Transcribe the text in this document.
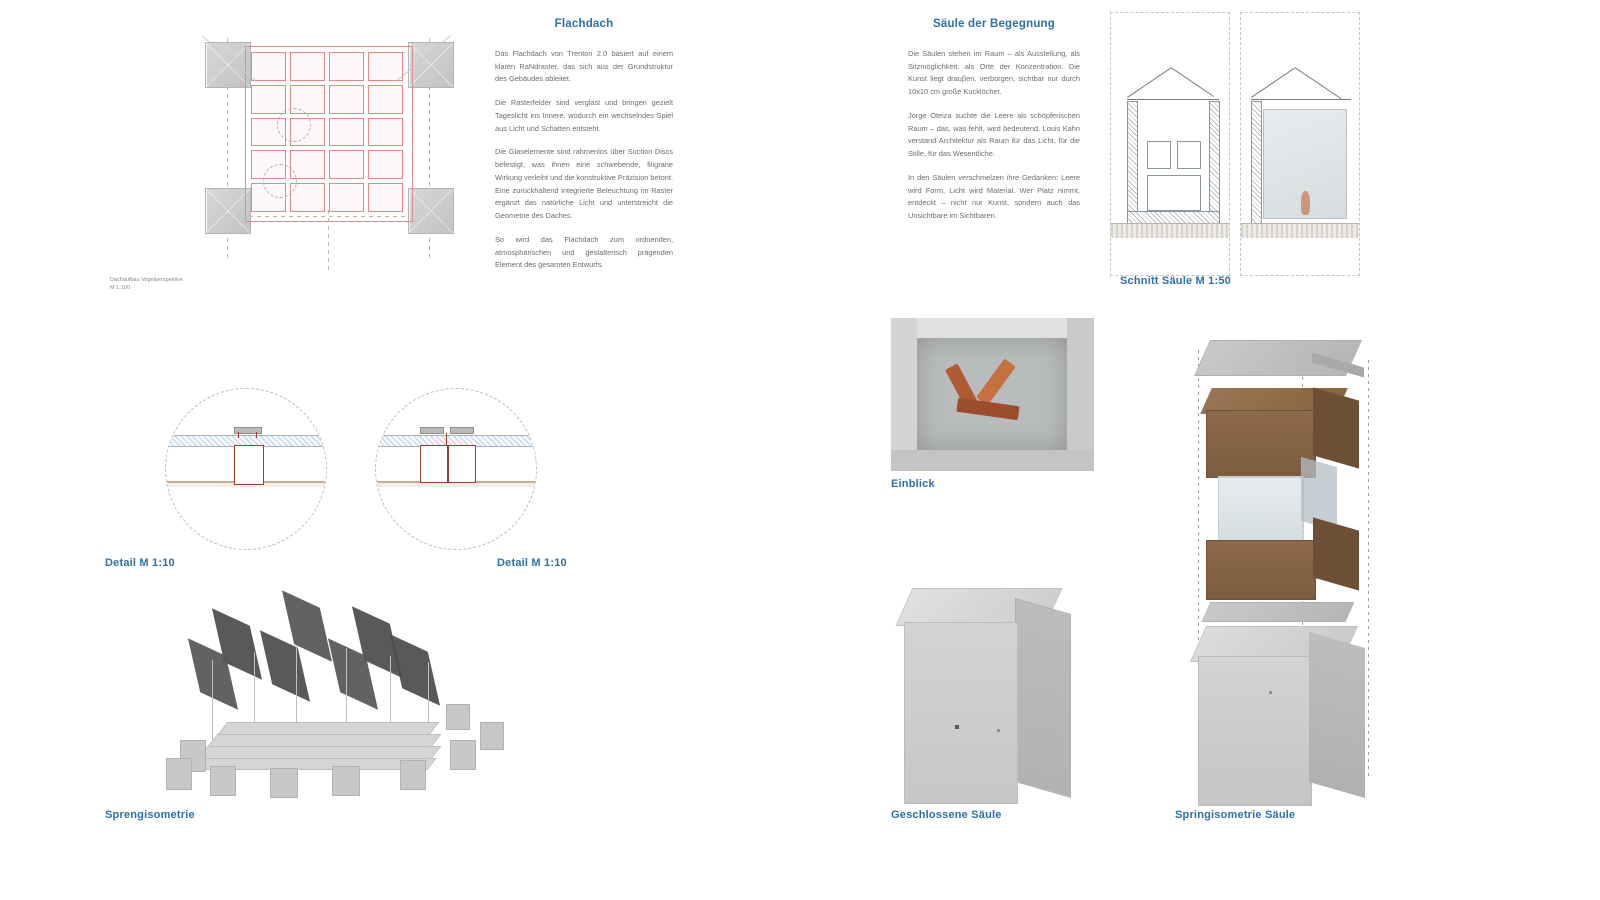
Dachaufbau Vogelperspektive
M 1:100
Flachdach

Das Flachdach von Trenton 2.0 basiert auf einem klaren RaNdraster, das sich aus der Grundstruktur des Gebäudes ableitet.

Die Rasterfelder sind verglast und bringen gezielt Tageslicht ins Innere, wodurch ein wechselndes Spiel aus Licht und Schatten entsteht.

Die Glaselemente sind rahmenlos über Suction Discs befestigt, was ihnen eine schwebende, filigrane Wirkung verleiht und die konstruktive Präzision betont. Eine zurückhaltend integrierte Beleuchtung im Raster ergänzt das natürliche Licht und unterstreicht die Geometrie des Daches.

So wird das Flachdach zum ordnenden, atmosphärischen und gestalterisch prägenden Element des gesamten Entwurfs.

Detail M 1:10	Detail M 1:10
Sprengisometrie
Säule der Begegnung

Die Säulen stehen im Raum – als Ausstellung, als Sitzmöglichkeit, als Orte der Konzentration. Die Kunst liegt drauβen, verborgen, sichtbar nur durch 10x10 cm große Kucklöcher.

Jorge Oteiza suchte die Leere als schöpferischen Raum – das, was fehlt, wird bedeutend. Louis Kahn verstand Architektur als Raum für das Licht, für die Stille, für das Wesentliche.

In den Säulen verschmelzen ihre Gedanken: Leere wird Form, Licht wird Material. Wer Platz nimmt, entdeckt – nicht nur Kunst, sondern auch das Unsichtbare im Sichtbaren.

Schnitt Säule M 1:50
Einblick
Geschlossene Säule	Springisometrie Säule
